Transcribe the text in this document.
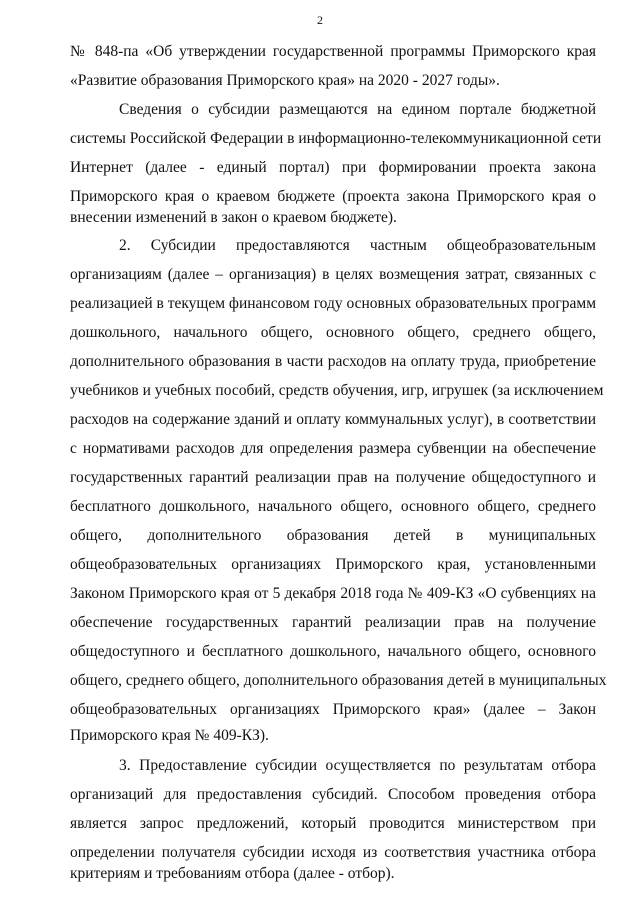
2
№ 848-па «Об утверждении государственной программы Приморского края
«Развитие образования Приморского края» на 2020 - 2027 годы».
Сведения о субсидии размещаются на едином портале бюджетной
системы Российской Федерации в информационно-телекоммуникационной сети
Интернет (далее - единый портал) при формировании проекта закона
Приморского края о краевом бюджете (проекта закона Приморского края о
внесении изменений в закон о краевом бюджете).
2. Субсидии предоставляются частным общеобразовательным
организациям (далее – организация) в целях возмещения затрат, связанных с
реализацией в текущем финансовом году основных образовательных программ
дошкольного, начального общего, основного общего, среднего общего,
дополнительного образования в части расходов на оплату труда, приобретение
учебников и учебных пособий, средств обучения, игр, игрушек (за исключением
расходов на содержание зданий и оплату коммунальных услуг), в соответствии
с нормативами расходов для определения размера субвенции на обеспечение
государственных гарантий реализации прав на получение общедоступного и
бесплатного дошкольного, начального общего, основного общего, среднего
общего, дополнительного образования детей в муниципальных
общеобразовательных организациях Приморского края, установленными
Законом Приморского края от 5 декабря 2018 года № 409-КЗ «О субвенциях на
обеспечение государственных гарантий реализации прав на получение
общедоступного и бесплатного дошкольного, начального общего, основного
общего, среднего общего, дополнительного образования детей в муниципальных
общеобразовательных организациях Приморского края» (далее – Закон
Приморского края № 409-КЗ).
3. Предоставление субсидии осуществляется по результатам отбора
организаций для предоставления субсидий. Способом проведения отбора
является запрос предложений, который проводится министерством при
определении получателя субсидии исходя из соответствия участника отбора
критериям и требованиям отбора (далее - отбор).
